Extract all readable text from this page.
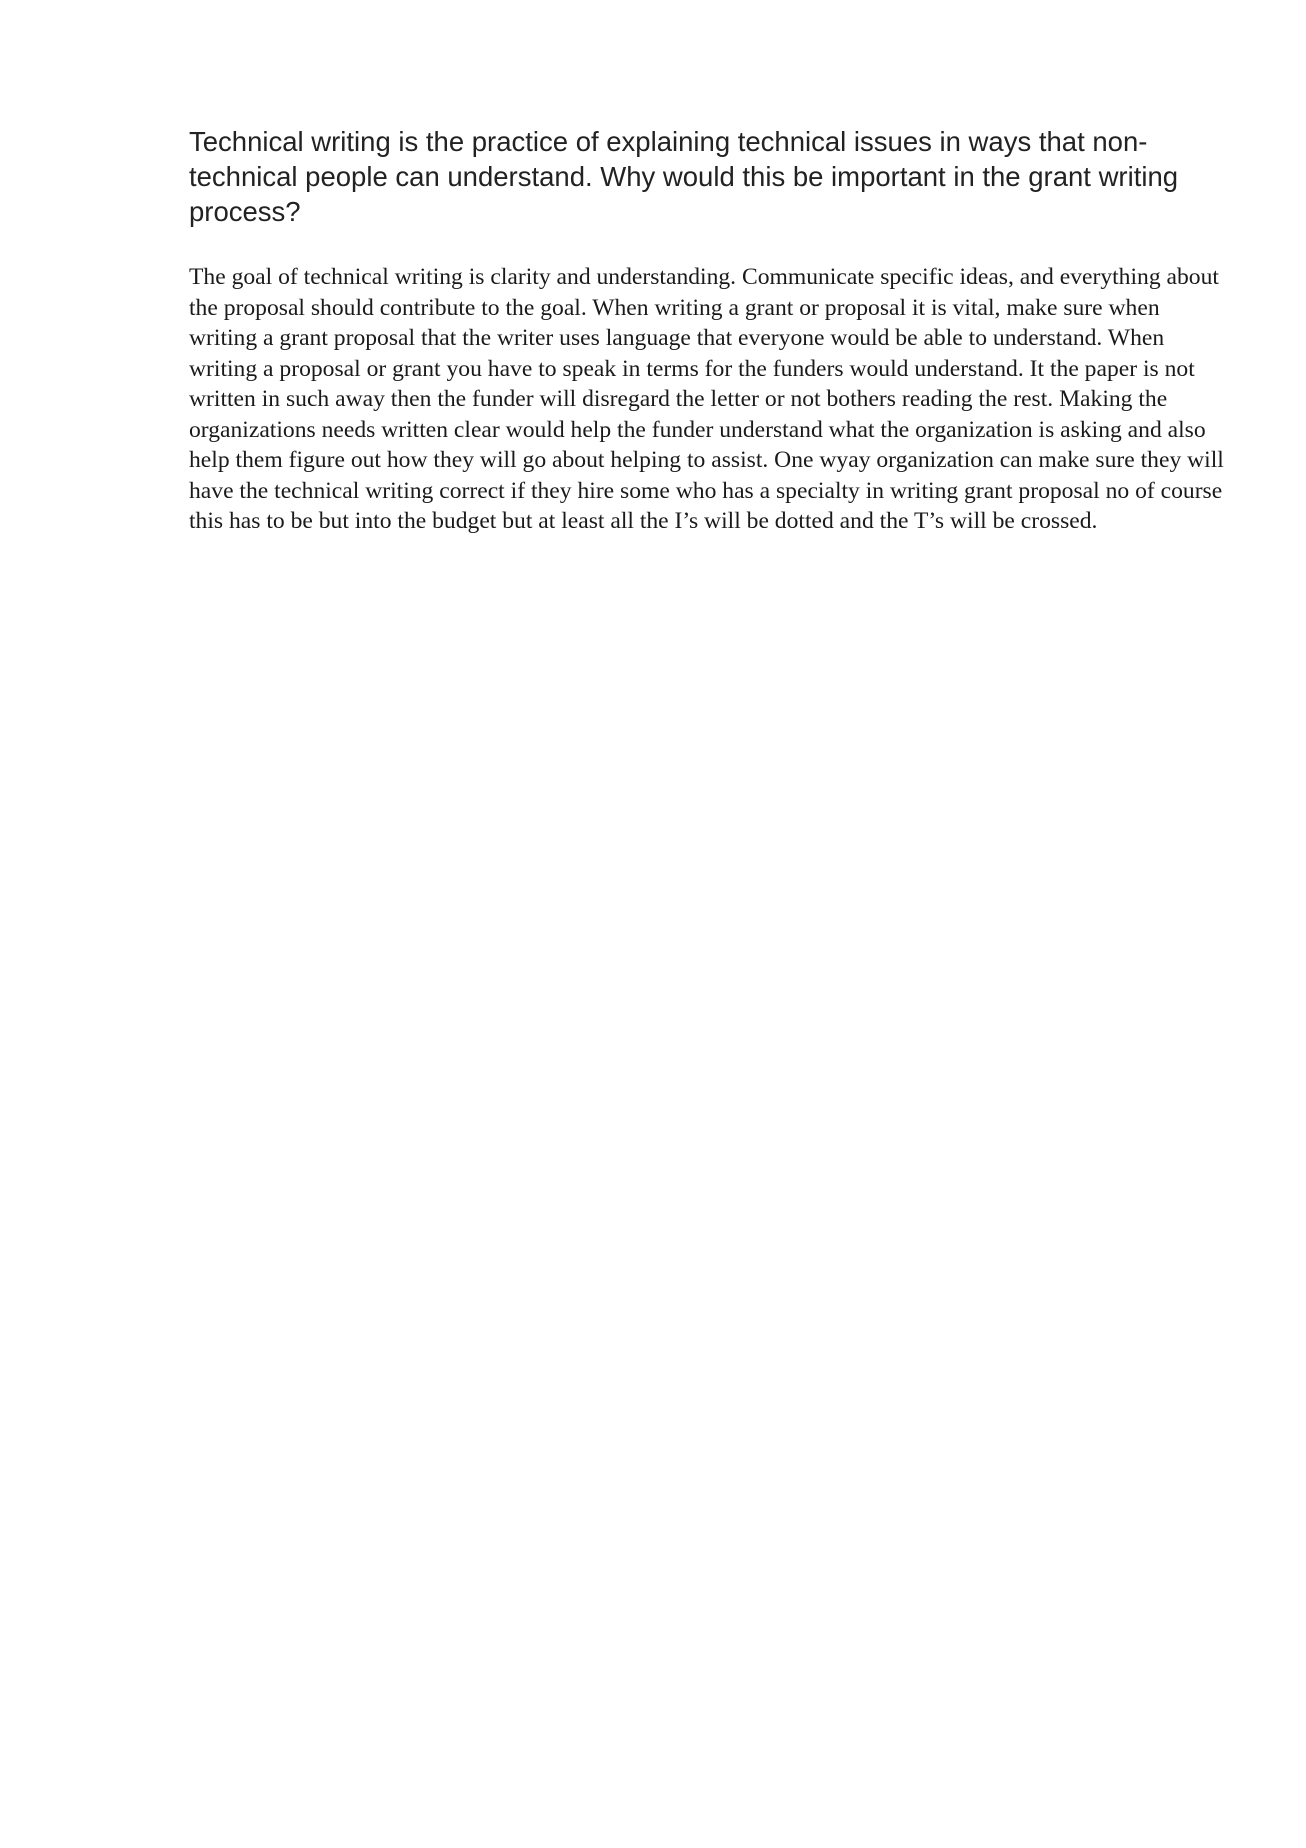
Technical writing is the practice of explaining technical issues in ways that non-technical people can understand. Why would this be important in the grant writing process?

The goal of technical writing is clarity and understanding. Communicate specific ideas, and everything about the proposal should contribute to the goal. When writing a grant or proposal it is vital, make sure when writing a grant proposal that the writer uses language that everyone would be able to understand. When writing a proposal or grant you have to speak in terms for the funders would understand. It the paper is not written in such away then the funder will disregard the letter or not bothers reading the rest. Making the organizations needs written clear would help the funder understand what the organization is asking and also help them figure out how they will go about helping to assist. One wyay organization can make sure they will have the technical writing correct if they hire some who has a specialty in writing grant proposal no of course this has to be but into the budget but at least all the I’s will be dotted and the T’s will be crossed.
